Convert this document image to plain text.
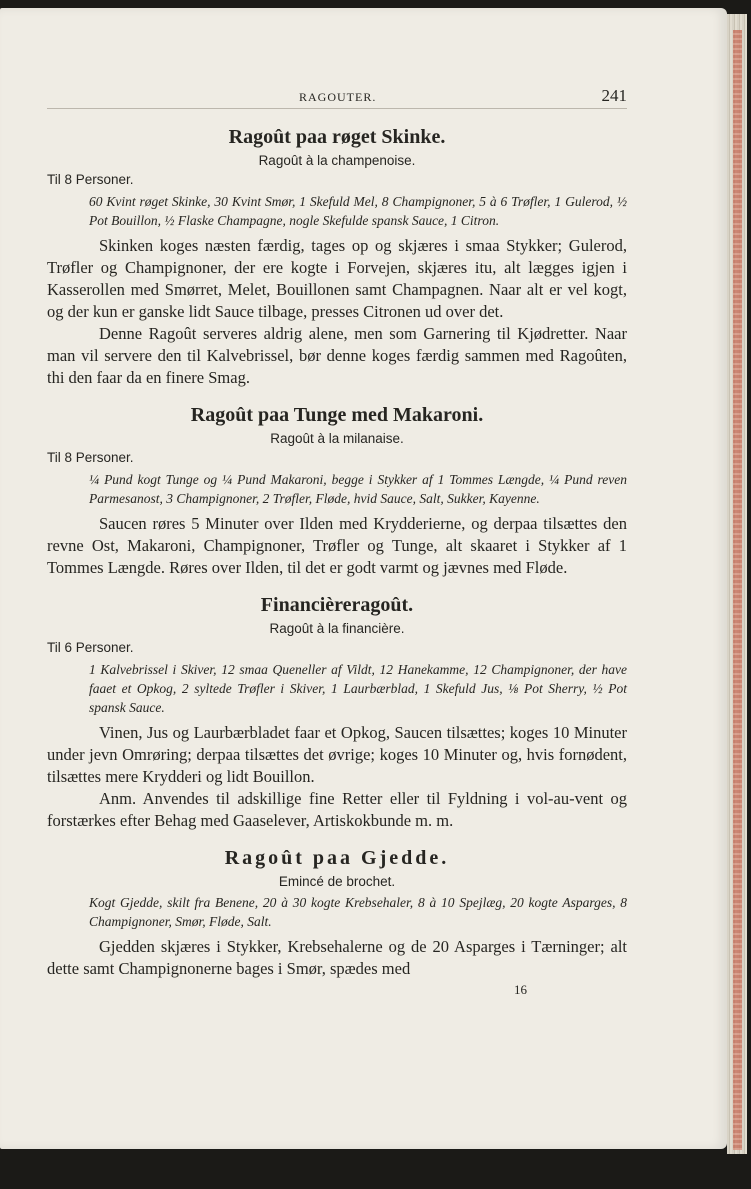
RAGOUTER.	241
Ragoût paa røget Skinke.

Ragoût à la champenoise.

Til 8 Personer.

60 Kvint røget Skinke, 30 Kvint Smør, 1 Skefuld Mel, 8 Champignoner, 5 à 6 Trøfler, 1 Gulerod, ½ Pot Bouillon, ½ Flaske Champagne, nogle Skefulde spansk Sauce, 1 Citron.

Skinken koges næsten færdig, tages op og skjæres i smaa Stykker; Gulerod, Trøfler og Champignoner, der ere kogte i Forvejen, skjæres itu, alt lægges igjen i Kasserollen med Smørret, Melet, Bouillonen samt Champagnen. Naar alt er vel kogt, og der kun er ganske lidt Sauce tilbage, presses Citronen ud over det.

Denne Ragoût serveres aldrig alene, men som Garnering til Kjødretter. Naar man vil servere den til Kalvebrissel, bør denne koges færdig sammen med Ragoûten, thi den faar da en finere Smag.

Ragoût paa Tunge med Makaroni.

Ragoût à la milanaise.

Til 8 Personer.

¼ Pund kogt Tunge og ¼ Pund Makaroni, begge i Stykker af 1 Tommes Længde, ¼ Pund reven Parmesanost, 3 Champignoner, 2 Trøfler, Fløde, hvid Sauce, Salt, Sukker, Kayenne.

Saucen røres 5 Minuter over Ilden med Krydderierne, og derpaa tilsættes den revne Ost, Makaroni, Champignoner, Trøfler og Tunge, alt skaaret i Stykker af 1 Tommes Længde. Røres over Ilden, til det er godt varmt og jævnes med Fløde.

Financièreragoût.

Ragoût à la financière.

Til 6 Personer.

1 Kalvebrissel i Skiver, 12 smaa Queneller af Vildt, 12 Hanekamme, 12 Champignoner, der have faaet et Opkog, 2 syltede Trøfler i Skiver, 1 Laurbærblad, 1 Skefuld Jus, ⅛ Pot Sherry, ½ Pot spansk Sauce.

Vinen, Jus og Laurbærbladet faar et Opkog, Saucen tilsættes; koges 10 Minuter under jevn Omrøring; derpaa tilsættes det øvrige; koges 10 Minuter og, hvis fornødent, tilsættes mere Krydderi og lidt Bouillon.

Anm. Anvendes til adskillige fine Retter eller til Fyldning i vol-au-vent og forstærkes efter Behag med Gaaselever, Artiskokbunde m. m.

Ragoût paa Gjedde.

Emincé de brochet.

Kogt Gjedde, skilt fra Benene, 20 à 30 kogte Krebsehaler, 8 à 10 Spejlæg, 20 kogte Asparges, 8 Champignoner, Smør, Fløde, Salt.

Gjedden skjæres i Stykker, Krebsehalerne og de 20 Asparges i Tærninger; alt dette samt Champignonerne bages i Smør, spædes med

16
